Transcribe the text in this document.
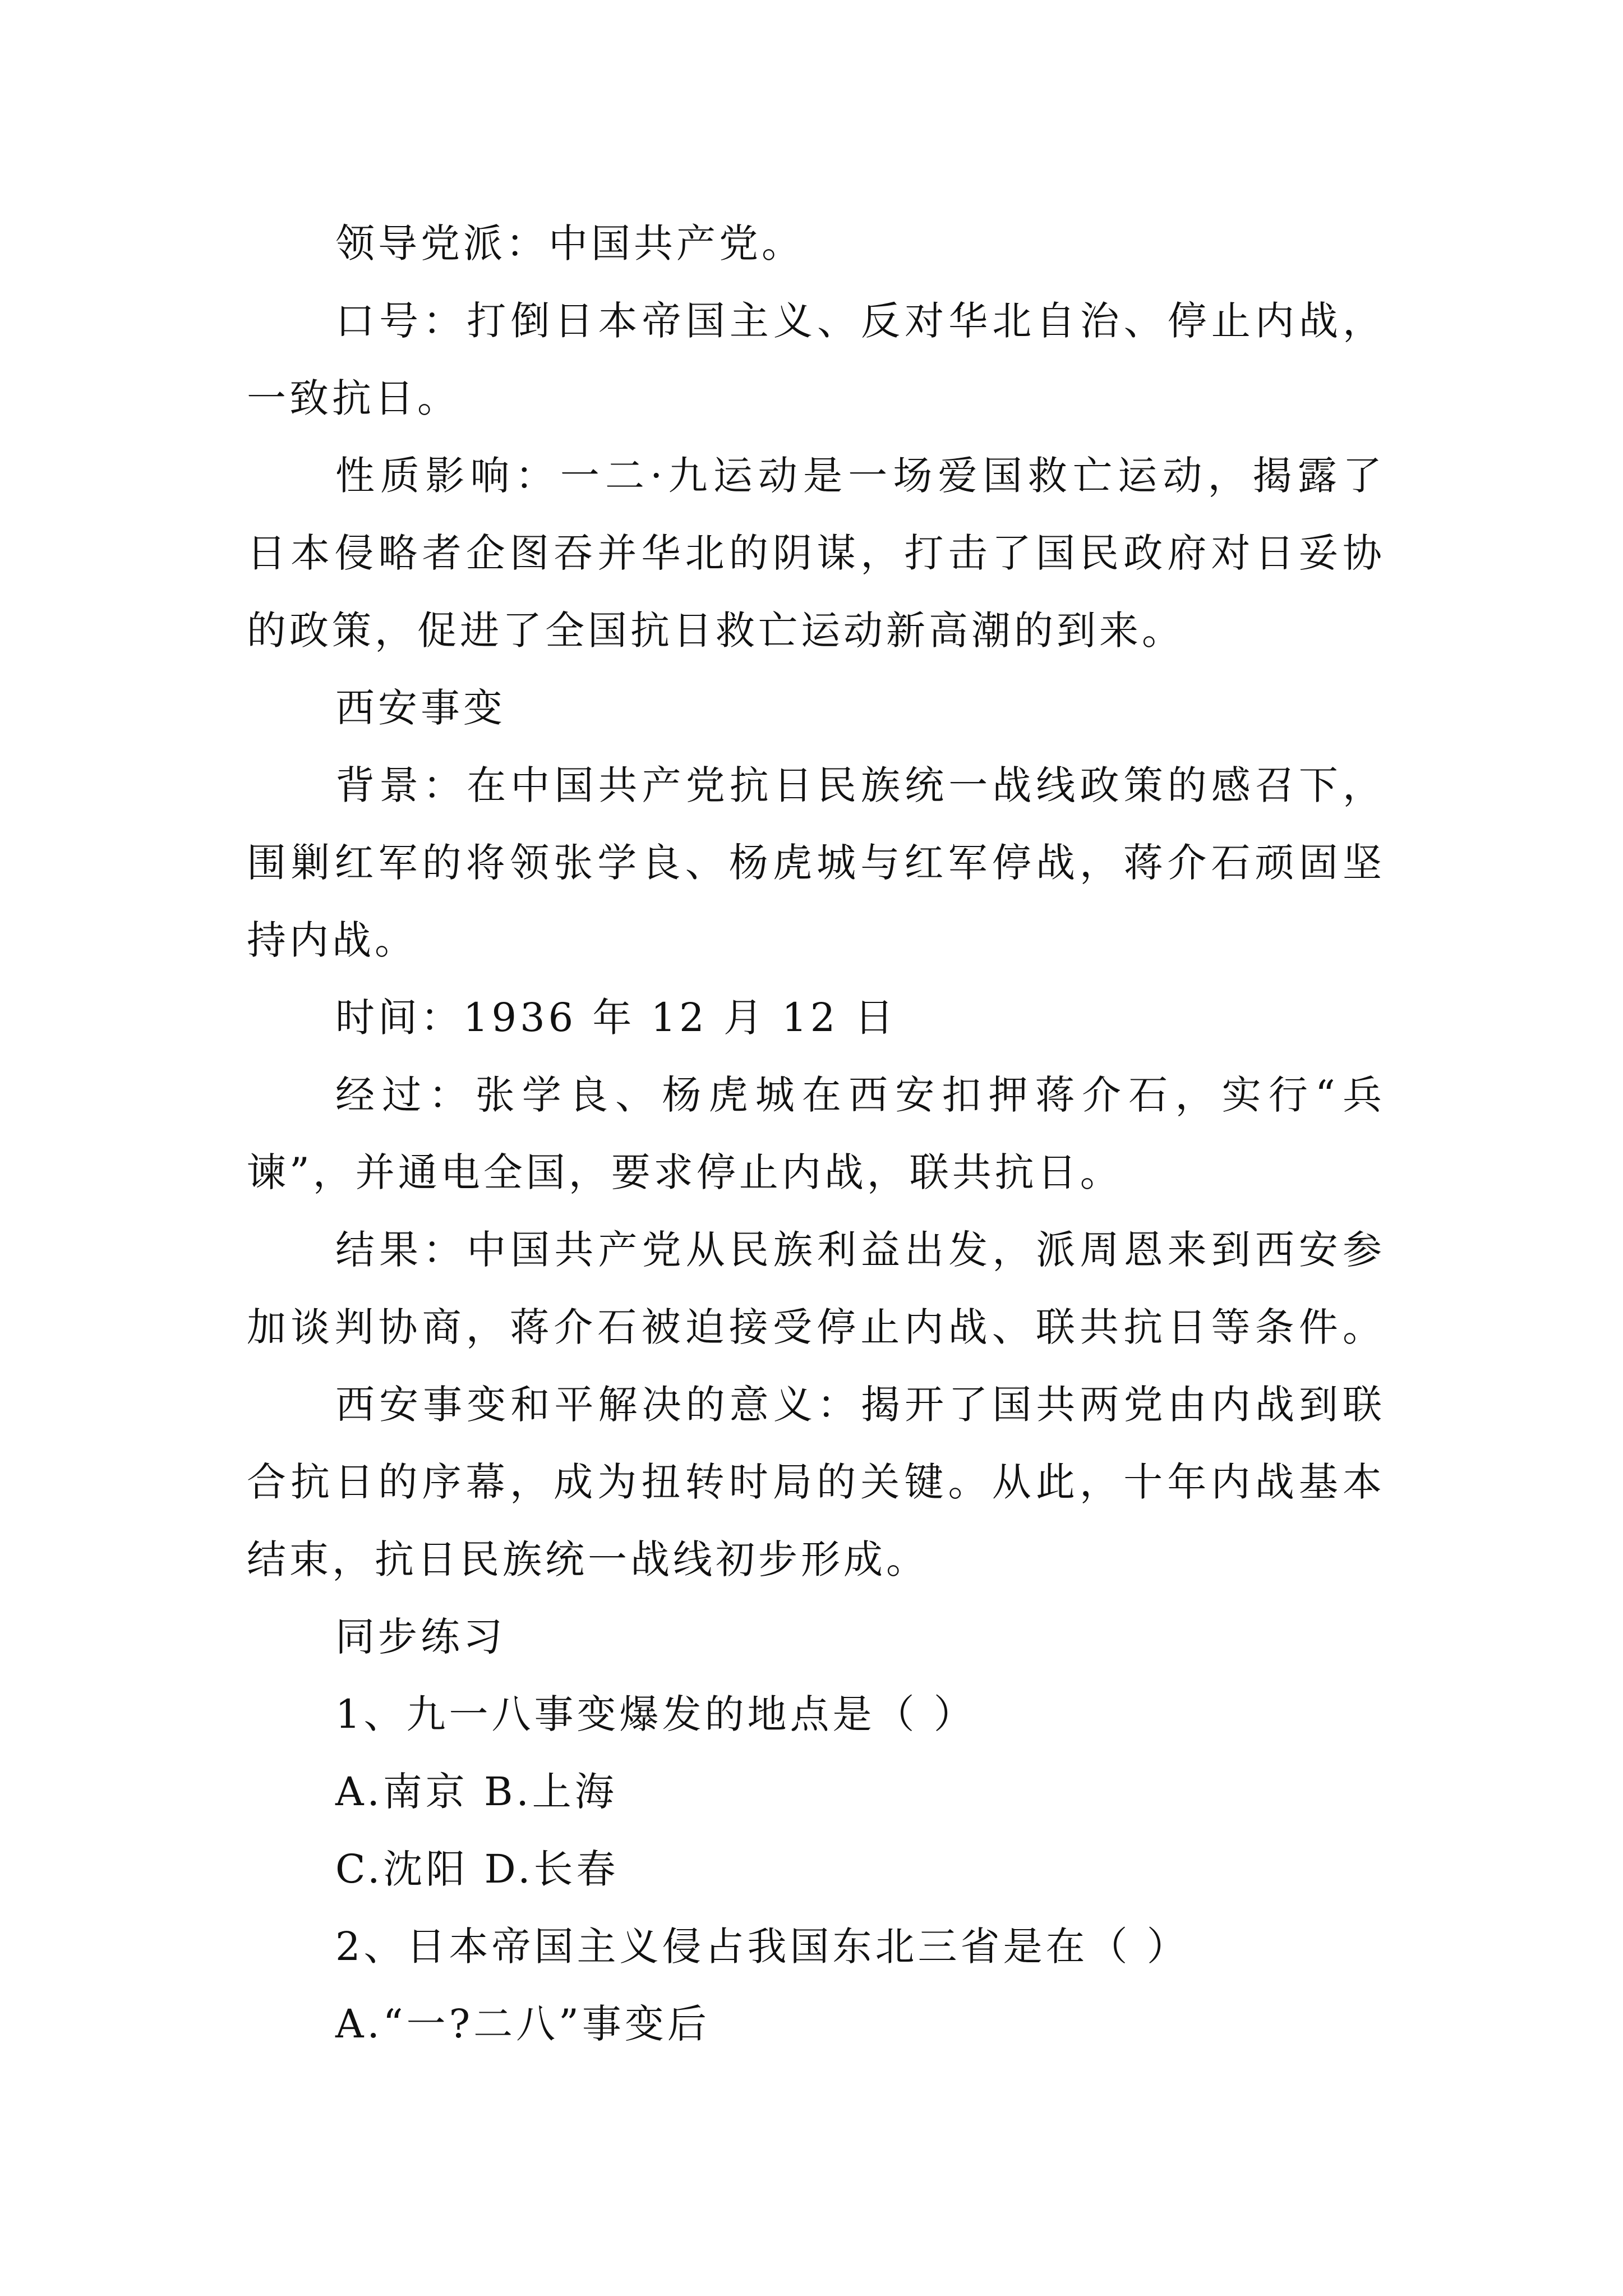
领导党派：中国共产党。
口号：打倒日本帝国主义、反对华北自治、停止内战，
一致抗日。
性质影响：一二·九运动是一场爱国救亡运动，揭露了
日本侵略者企图吞并华北的阴谋，打击了国民政府对日妥协
的政策，促进了全国抗日救亡运动新高潮的到来。
西安事变
背景：在中国共产党抗日民族统一战线政策的感召下，
围剿红军的将领张学良、杨虎城与红军停战，蒋介石顽固坚
持内战。
时间：1936 年 12 月 12 日
经过：张学良、杨虎城在西安扣押蒋介石，实行“兵
谏”，并通电全国，要求停止内战，联共抗日。
结果：中国共产党从民族利益出发，派周恩来到西安参
加谈判协商，蒋介石被迫接受停止内战、联共抗日等条件。
西安事变和平解决的意义：揭开了国共两党由内战到联
合抗日的序幕，成为扭转时局的关键。从此，十年内战基本
结束，抗日民族统一战线初步形成。
同步练习
1、九一八事变爆发的地点是（ ）
A.南京 B.上海
C.沈阳 D.长春
2、日本帝国主义侵占我国东北三省是在（ ）
A.“一?二八”事变后
